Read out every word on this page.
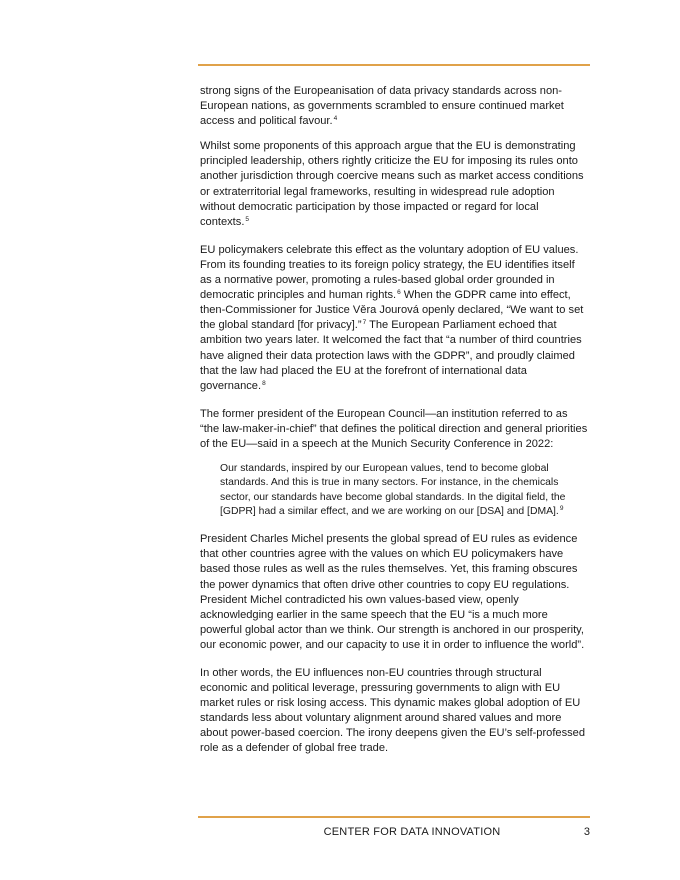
strong signs of the Europeanisation of data privacy standards across non-European nations, as governments scrambled to ensure continued market access and political favour.$^4$

Whilst some proponents of this approach argue that the EU is demonstrating principled leadership, others rightly criticize the EU for imposing its rules onto another jurisdiction through coercive means such as market access conditions or extraterritorial legal frameworks, resulting in widespread rule adoption without democratic participation by those impacted or regard for local contexts.$^5$

EU policymakers celebrate this effect as the voluntary adoption of EU values. From its founding treaties to its foreign policy strategy, the EU identifies itself as a normative power, promoting a rules-based global order grounded in democratic principles and human rights.$^6$ When the GDPR came into effect, then-Commissioner for Justice Věra Jourová openly declared, “We want to set the global standard [for privacy].”$^7$ The European Parliament echoed that ambition two years later. It welcomed the fact that “a number of third countries have aligned their data protection laws with the GDPR”, and proudly claimed that the law had placed the EU at the forefront of international data governance.$^8$

The former president of the European Council—an institution referred to as “the law-maker-in-chief” that defines the political direction and general priorities of the EU—said in a speech at the Munich Security Conference in 2022:

Our standards, inspired by our European values, tend to become global standards. And this is true in many sectors. For instance, in the chemicals sector, our standards have become global standards. In the digital field, the [GDPR] had a similar effect, and we are working on our [DSA] and [DMA].$^9$

President Charles Michel presents the global spread of EU rules as evidence that other countries agree with the values on which EU policymakers have based those rules as well as the rules themselves. Yet, this framing obscures the power dynamics that often drive other countries to copy EU regulations. President Michel contradicted his own values-based view, openly acknowledging earlier in the same speech that the EU “is a much more powerful global actor than we think. Our strength is anchored in our prosperity, our economic power, and our capacity to use it in order to influence the world”.

In other words, the EU influences non-EU countries through structural economic and political leverage, pressuring governments to align with EU market rules or risk losing access. This dynamic makes global adoption of EU standards less about voluntary alignment around shared values and more about power-based coercion. The irony deepens given the EU’s self-professed role as a defender of global free trade.

CENTER FOR DATA INNOVATION	3
